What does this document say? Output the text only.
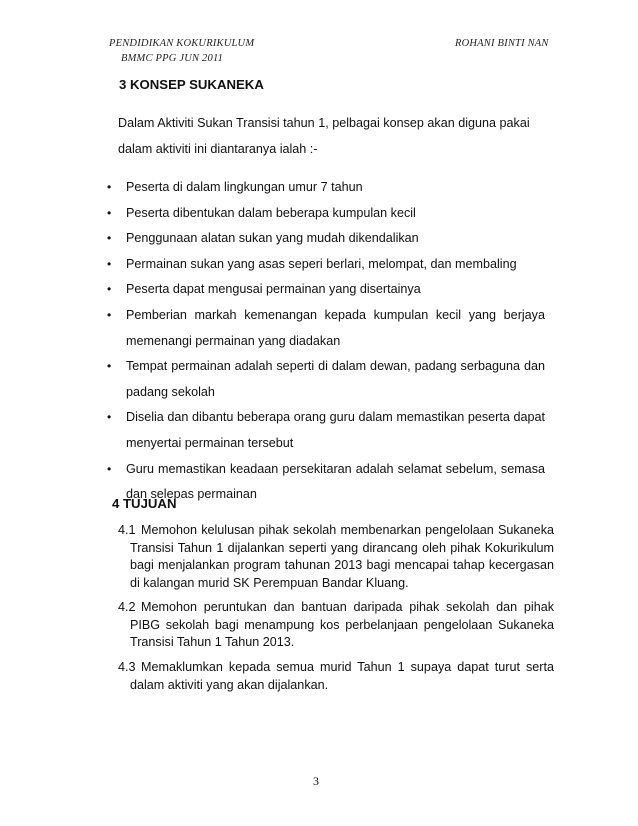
PENDIDIKAN KOKURIKULUM
BMMC PPG JUN 2011
ROHANI BINTI NAN
3 KONSEP SUKANEKA
Dalam Aktiviti Sukan Transisi tahun 1, pelbagai konsep akan diguna pakai
dalam aktiviti ini diantaranya ialah :-
• Peserta di dalam lingkungan umur 7 tahun
• Peserta dibentukan dalam beberapa kumpulan kecil
• Penggunaan alatan sukan yang mudah dikendalikan
• Permainan sukan yang asas seperi berlari, melompat, dan membaling
• Peserta dapat mengusai permainan yang disertainya
• Pemberian markah kemenangan kepada kumpulan kecil yang berjaya memenangi permainan yang diadakan
• Tempat permainan adalah seperti di dalam dewan, padang serbaguna dan padang sekolah
• Diselia dan dibantu beberapa orang guru dalam memastikan peserta dapat menyertai permainan tersebut
• Guru memastikan keadaan persekitaran adalah selamat sebelum, semasa dan selepas permainan
4 TUJUAN
4.1 Memohon kelulusan pihak sekolah membenarkan pengelolaan Sukaneka Transisi Tahun 1 dijalankan seperti yang dirancang oleh pihak Kokurikulum bagi menjalankan program tahunan 2013 bagi mencapai tahap kecergasan di kalangan murid SK Perempuan Bandar Kluang.
4.2 Memohon peruntukan dan bantuan daripada pihak sekolah dan pihak PIBG sekolah bagi menampung kos perbelanjaan pengelolaan Sukaneka Transisi Tahun 1 Tahun 2013.
4.3 Memaklumkan kepada semua murid Tahun 1 supaya dapat turut serta dalam aktiviti yang akan dijalankan.
3
